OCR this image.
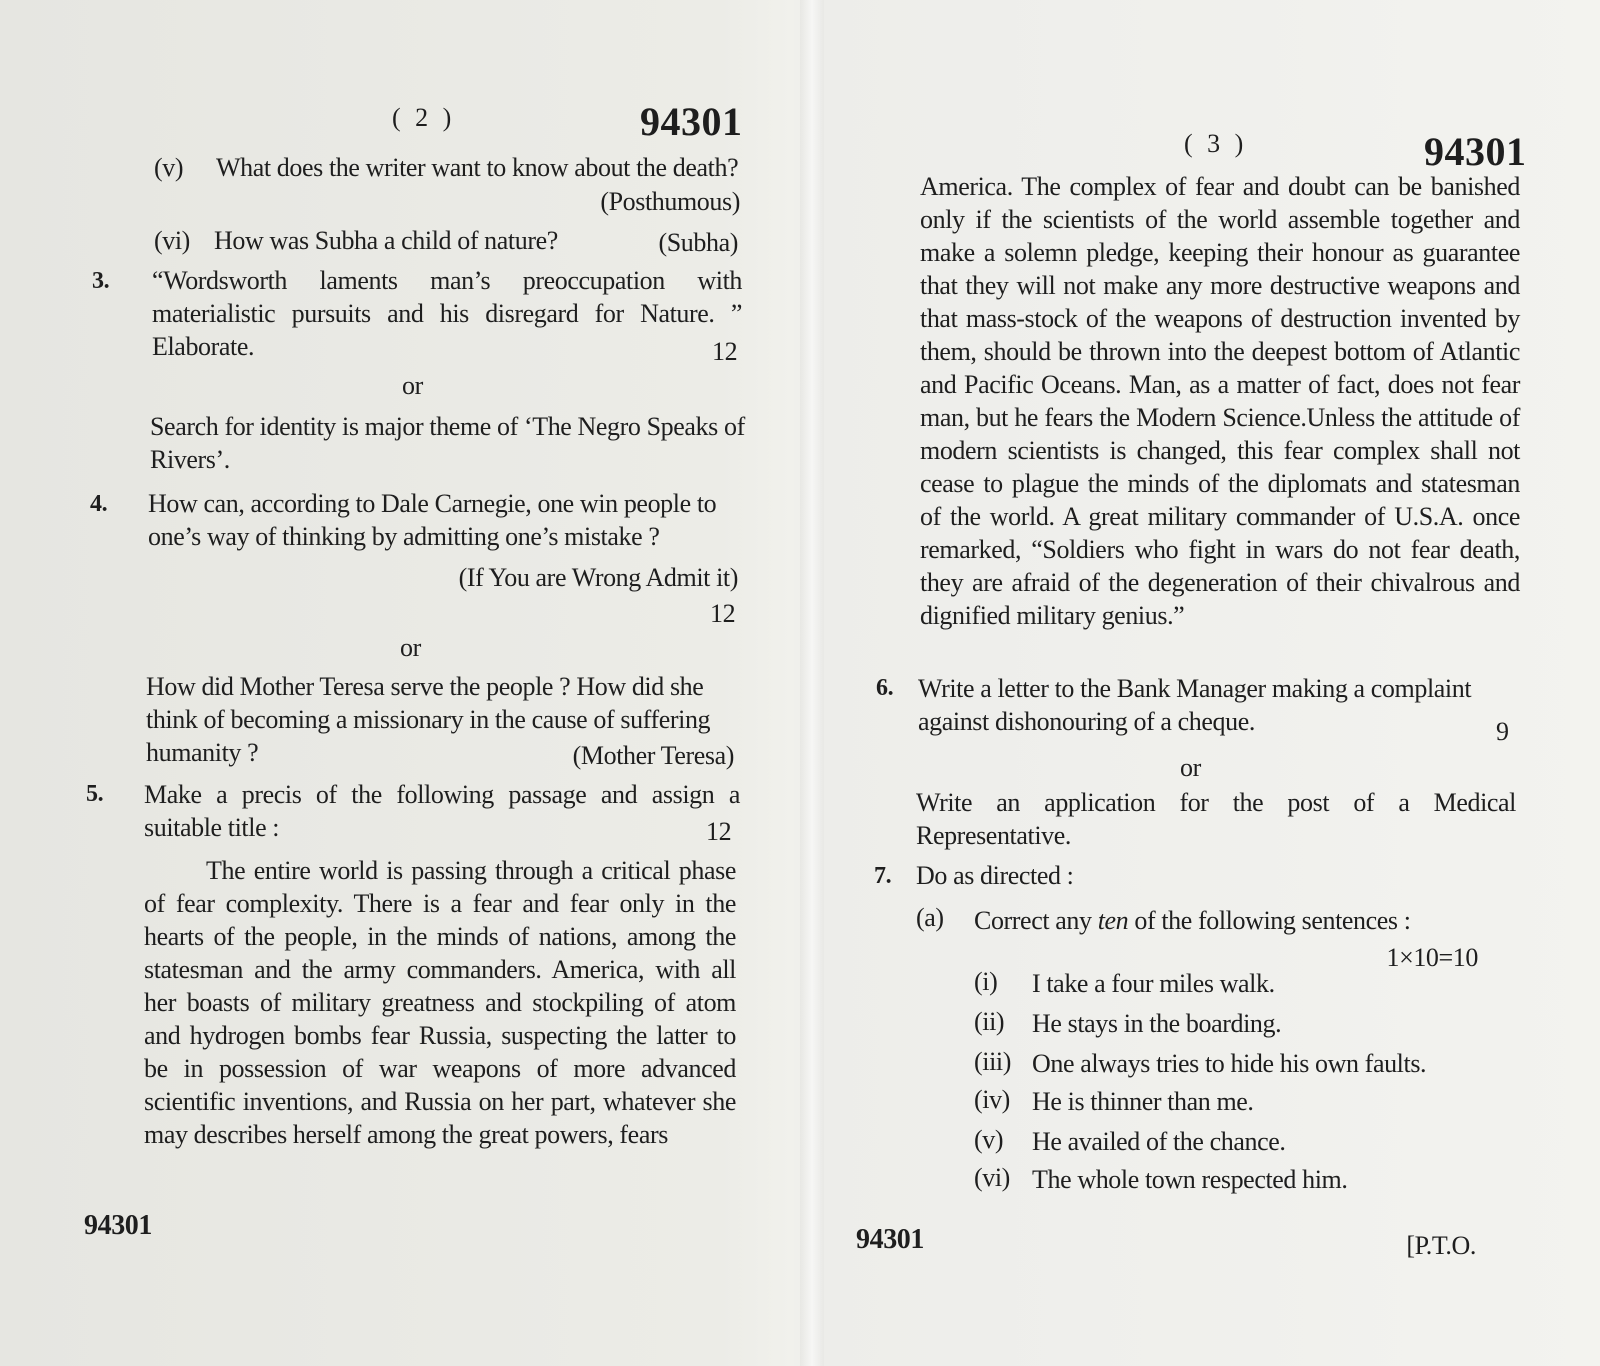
( 2 )	94301

(v) What does the writer want to know about the death?

(Posthumous)

(vi) How was Subha a child of nature?	(Subha)

3. “Wordsworth laments man’s preoccupation with materialistic pursuits and his disregard for Nature. ” Elaborate.	12

or

Search for identity is major theme of ‘The Negro Speaks of Rivers’.

4. How can, according to Dale Carnegie, one win people to one’s way of thinking by admitting one’s mistake ?

(If You are Wrong Admit it)

12

or

How did Mother Teresa serve the people ? How did she think of becoming a missionary in the cause of suffering humanity ?	(Mother Teresa)

5. Make a precis of the following passage and assign a suitable title :	12

The entire world is passing through a critical phase of fear complexity. There is a fear and fear only in the hearts of the people, in the minds of nations, among the statesman and the army commanders. America, with all her boasts of military greatness and stockpiling of atom and hydrogen bombs fear Russia, suspecting the latter to be in possession of war weapons of more advanced scientific inventions, and Russia on her part, whatever she may describes herself among the great powers, fears

94301

( 3 )	94301

America. The complex of fear and doubt can be banished only if the scientists of the world assemble together and make a solemn pledge, keeping their honour as guarantee that they will not make any more destructive weapons and that mass-stock of the weapons of destruction invented by them, should be thrown into the deepest bottom of Atlantic and Pacific Oceans. Man, as a matter of fact, does not fear man, but he fears the Modern Science.Unless the attitude of modern scientists is changed, this fear complex shall not cease to plague the minds of the diplomats and statesman of the world. A great military commander of U.S.A. once remarked, “Soldiers who fight in wars do not fear death, they are afraid of the degeneration of their chivalrous and dignified military genius.”

6. Write a letter to the Bank Manager making a complaint against dishonouring of a cheque.	9

or

Write an application for the post of a Medical Representative.

7. Do as directed :

(a) Correct any ten of the following sentences :

1×10=10

(i) I take a four miles walk.

(ii) He stays in the boarding.

(iii) One always tries to hide his own faults.

(iv) He is thinner than me.

(v) He availed of the chance.

(vi) The whole town respected him.

94301	[P.T.O.
